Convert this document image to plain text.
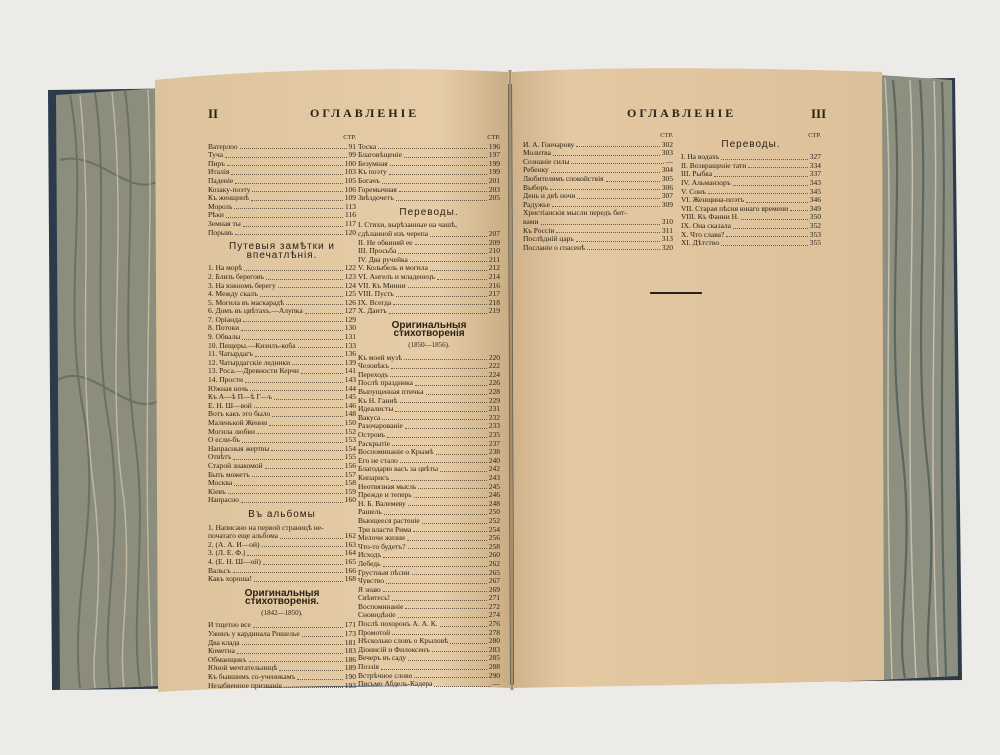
II	ОГЛАВЛЕНІЕ
СТР.
Ватерлоо	91
Туча	99
Пиръ	100
Италія	103
Паденіе	105
Козаку-поэту	106
Къ женщинѣ	109
Морозъ	113
Рѣки	116
Земная ты	117
Порывъ	120
Путевыя замѣтки и впечатлѣнія.
1. На морѣ	122
2. Близъ береговъ	123
3. На южномъ берегу	124
4. Между скалъ	125
5. Могила въ маскарадѣ	126
6. Домъ въ цвѣтахъ.—Алупка	127
7. Оріанда	129
8. Потоки	130
9. Обвалы	131
10. Пещеры.—Кизилъ-коба	133
11. Чатырдагъ	136
12. Чатырдагскіе ледники	139
13. Роса.—Древности Керчи	141
14. Прости	143
Южная ночь	144
Къ А—ѣ П—ѣ Г—ъ	145
Е. Н. Ш—вой	146
Вотъ какъ это было	148
Маленькой Женни	150
Могила любви	152
О если-бъ	153
Напрасныя жертвы	154
Отвѣтъ	155
Старой знакомой	156
Быть можетъ	157
Москва	158
Кіевъ	159
Напрасно	160
Въ альбомы
1. Написано на первой страницѣ не-
початаго еще альбома	162
2. (А. А. И—ой)	163
3. (Л. Е. Ф.)	164
4. (Е. Н. Ш—ой)	165
Вальсъ	166
Какъ хороша!	168
Оригинальныя стихотворенія.
(1842—1850).
И тщетно все	171
Ужинъ у кардинала Ришелье	173
Два клада	181
Кометна	183
Обманщикъ	186
Юной мечтательницѣ	189
Къ бывшимъ со-ученикамъ	190
Незабвенное призваніе	193
СТР.
Тоска	196
Благовѣщеніе	197
Безумная	199
Къ поэту	199
Богачъ	201
Горемычная	203
Звѣздочетъ	205
Переводы.
I. Стихи, вырѣзанные на чашѣ,
сдѣланной изъ черепа	207
II. Не обвиняй ее	209
III. Просьба	210
IV. Два ручейка	211
V. Колыбель и могила	212
VI. Ангелъ и младенецъ	214
VII. Къ Минни	216
VIII. Пусть	217
IX. Всегда	218
X. Даитъ	219
Оригинальныя стихотворенія
(1850—1856).
Къ моей музѣ	220
Человѣкъ	222
Переходъ	224
Послѣ праздника	226
Выпущенная птичка	228
Къ Н. Ганиѣ	229
Идеалисты	231
Вакуса	232
Разочарованіе	233
Островъ	235
Раскрытіе	237
Воспоминаніе о Крымѣ	238
Его не стало	240
Благодарю васъ за цвѣты	242
Кипарисъ	243
Неотвязная мысль	245
Прежде и теперь	246
Н. Б. Валемеву	248
Рашель	250
Вьющееся растеніе	252
Три власти Рима	254
Мелочи жизни	256
Что-то будетъ?	258
Исходъ	260
Лебедь	262
Грустныя пѣсни	265
Чувство	267
Я знаю	269
Свѣятесь!	271
Воспоминаніе	272
Сновидѣніе	274
Послѣ похоронъ А. А. К.	276
Промотой	278
Нѣсколько словъ о Крыловѣ	280
Діонисій и Филоксенъ	283
Вечеръ въ саду	285
Поэзія	288
Встрѣчное слово	290
Письмо Абдель-Кадера	—
ОГЛАВЛЕНІЕ	III
СТР.
И. А. Гончарову	302
Молитва	303
Сознаніе силы	—
Ребенку	304
Любителямъ спокойствія	305
Выборъ	306
День и двѣ ночи	307
Радужье	309
Христіанскія мысли передъ бит-
вами	310
Къ Россіи	311
Послѣдній царь	313
Посланіе о спасенѣ	320
СТР.
Переводы.
I. На водахъ	327
II. Возвращеніе тати	334
III. Рыбка	337
IV. Альманзоръ	343
V. Сонъ	345
VI. Женщина-поэтъ	346
VII. Старая пѣсня юнаго времени	349
VIII. Къ Фанни Н.	350
IX. Она сказала	352
X. Что слава?	353
XI. Дѣтство	355
